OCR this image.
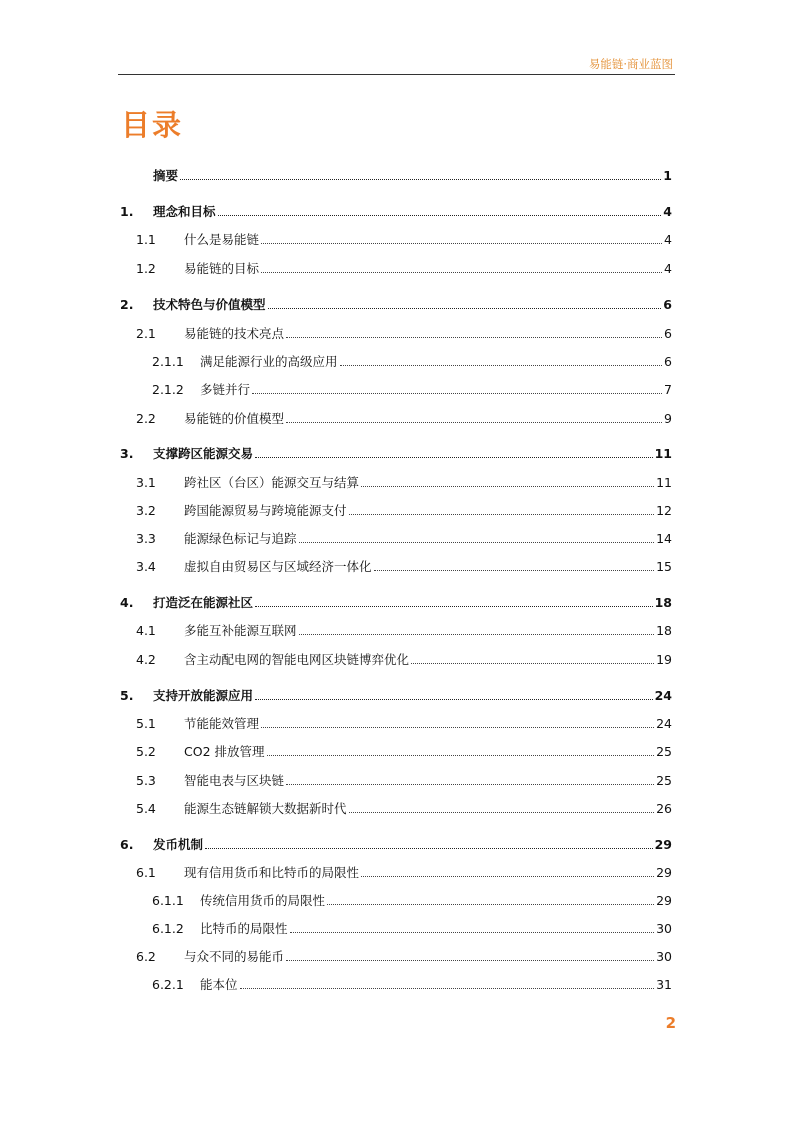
易能链·商业蓝图
目录
摘要	1
1.	理念和目标	4
1.1	什么是易能链	4
1.2	易能链的目标	4
2.	技术特色与价值模型	6
2.1	易能链的技术亮点	6
2.1.1	满足能源行业的高级应用	6
2.1.2	多链并行	7
2.2	易能链的价值模型	9
3.	支撑跨区能源交易	11
3.1	跨社区（台区）能源交互与结算	11
3.2	跨国能源贸易与跨境能源支付	12
3.3	能源绿色标记与追踪	14
3.4	虚拟自由贸易区与区域经济一体化	15
4.	打造泛在能源社区	18
4.1	多能互补能源互联网	18
4.2	含主动配电网的智能电网区块链博弈优化	19
5.	支持开放能源应用	24
5.1	节能能效管理	24
5.2	CO2 排放管理	25
5.3	智能电表与区块链	25
5.4	能源生态链解锁大数据新时代	26
6.	发币机制	29
6.1	现有信用货币和比特币的局限性	29
6.1.1	传统信用货币的局限性	29
6.1.2	比特币的局限性	30
6.2	与众不同的易能币	30
6.2.1	能本位	31
2
